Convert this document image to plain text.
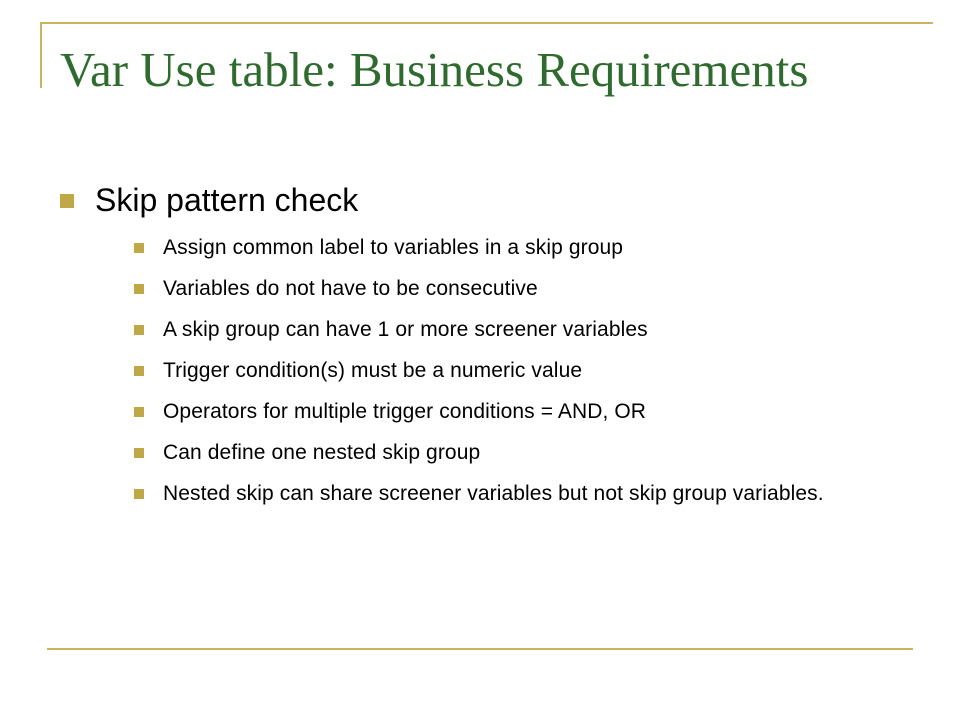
Var Use table: Business Requirements
Skip pattern check
Assign common label to variables in a skip group
Variables do not have to be consecutive
A skip group can have 1 or more screener variables
Trigger condition(s) must be a numeric value
Operators for multiple trigger conditions = AND, OR
Can define one nested skip group
Nested skip can share screener variables but not skip group variables.
